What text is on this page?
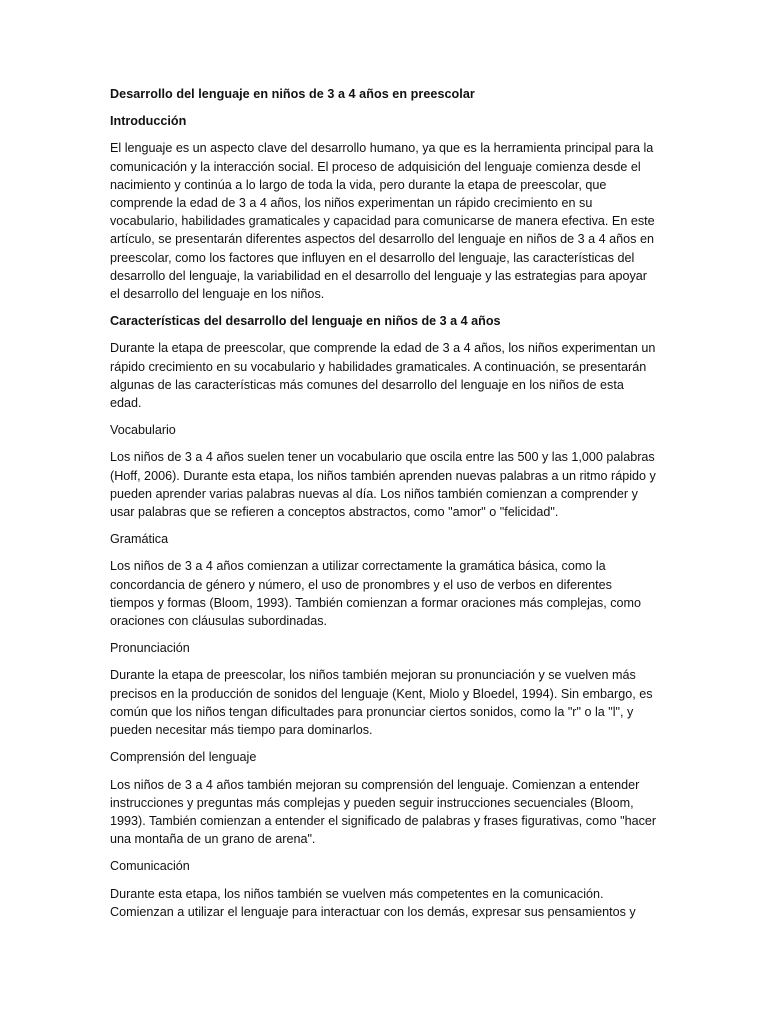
Desarrollo del lenguaje en niños de 3 a 4 años en preescolar
Introducción
El lenguaje es un aspecto clave del desarrollo humano, ya que es la herramienta principal para la comunicación y la interacción social. El proceso de adquisición del lenguaje comienza desde el nacimiento y continúa a lo largo de toda la vida, pero durante la etapa de preescolar, que comprende la edad de 3 a 4 años, los niños experimentan un rápido crecimiento en su vocabulario, habilidades gramaticales y capacidad para comunicarse de manera efectiva. En este artículo, se presentarán diferentes aspectos del desarrollo del lenguaje en niños de 3 a 4 años en preescolar, como los factores que influyen en el desarrollo del lenguaje, las características del desarrollo del lenguaje, la variabilidad en el desarrollo del lenguaje y las estrategias para apoyar el desarrollo del lenguaje en los niños.
Características del desarrollo del lenguaje en niños de 3 a 4 años
Durante la etapa de preescolar, que comprende la edad de 3 a 4 años, los niños experimentan un rápido crecimiento en su vocabulario y habilidades gramaticales. A continuación, se presentarán algunas de las características más comunes del desarrollo del lenguaje en los niños de esta edad.
Vocabulario
Los niños de 3 a 4 años suelen tener un vocabulario que oscila entre las 500 y las 1,000 palabras (Hoff, 2006). Durante esta etapa, los niños también aprenden nuevas palabras a un ritmo rápido y pueden aprender varias palabras nuevas al día. Los niños también comienzan a comprender y usar palabras que se refieren a conceptos abstractos, como "amor" o "felicidad".
Gramática
Los niños de 3 a 4 años comienzan a utilizar correctamente la gramática básica, como la concordancia de género y número, el uso de pronombres y el uso de verbos en diferentes tiempos y formas (Bloom, 1993). También comienzan a formar oraciones más complejas, como oraciones con cláusulas subordinadas.
Pronunciación
Durante la etapa de preescolar, los niños también mejoran su pronunciación y se vuelven más precisos en la producción de sonidos del lenguaje (Kent, Miolo y Bloedel, 1994). Sin embargo, es común que los niños tengan dificultades para pronunciar ciertos sonidos, como la "r" o la "l", y pueden necesitar más tiempo para dominarlos.
Comprensión del lenguaje
Los niños de 3 a 4 años también mejoran su comprensión del lenguaje. Comienzan a entender instrucciones y preguntas más complejas y pueden seguir instrucciones secuenciales (Bloom, 1993). También comienzan a entender el significado de palabras y frases figurativas, como "hacer una montaña de un grano de arena".
Comunicación
Durante esta etapa, los niños también se vuelven más competentes en la comunicación. Comienzan a utilizar el lenguaje para interactuar con los demás, expresar sus pensamientos y
